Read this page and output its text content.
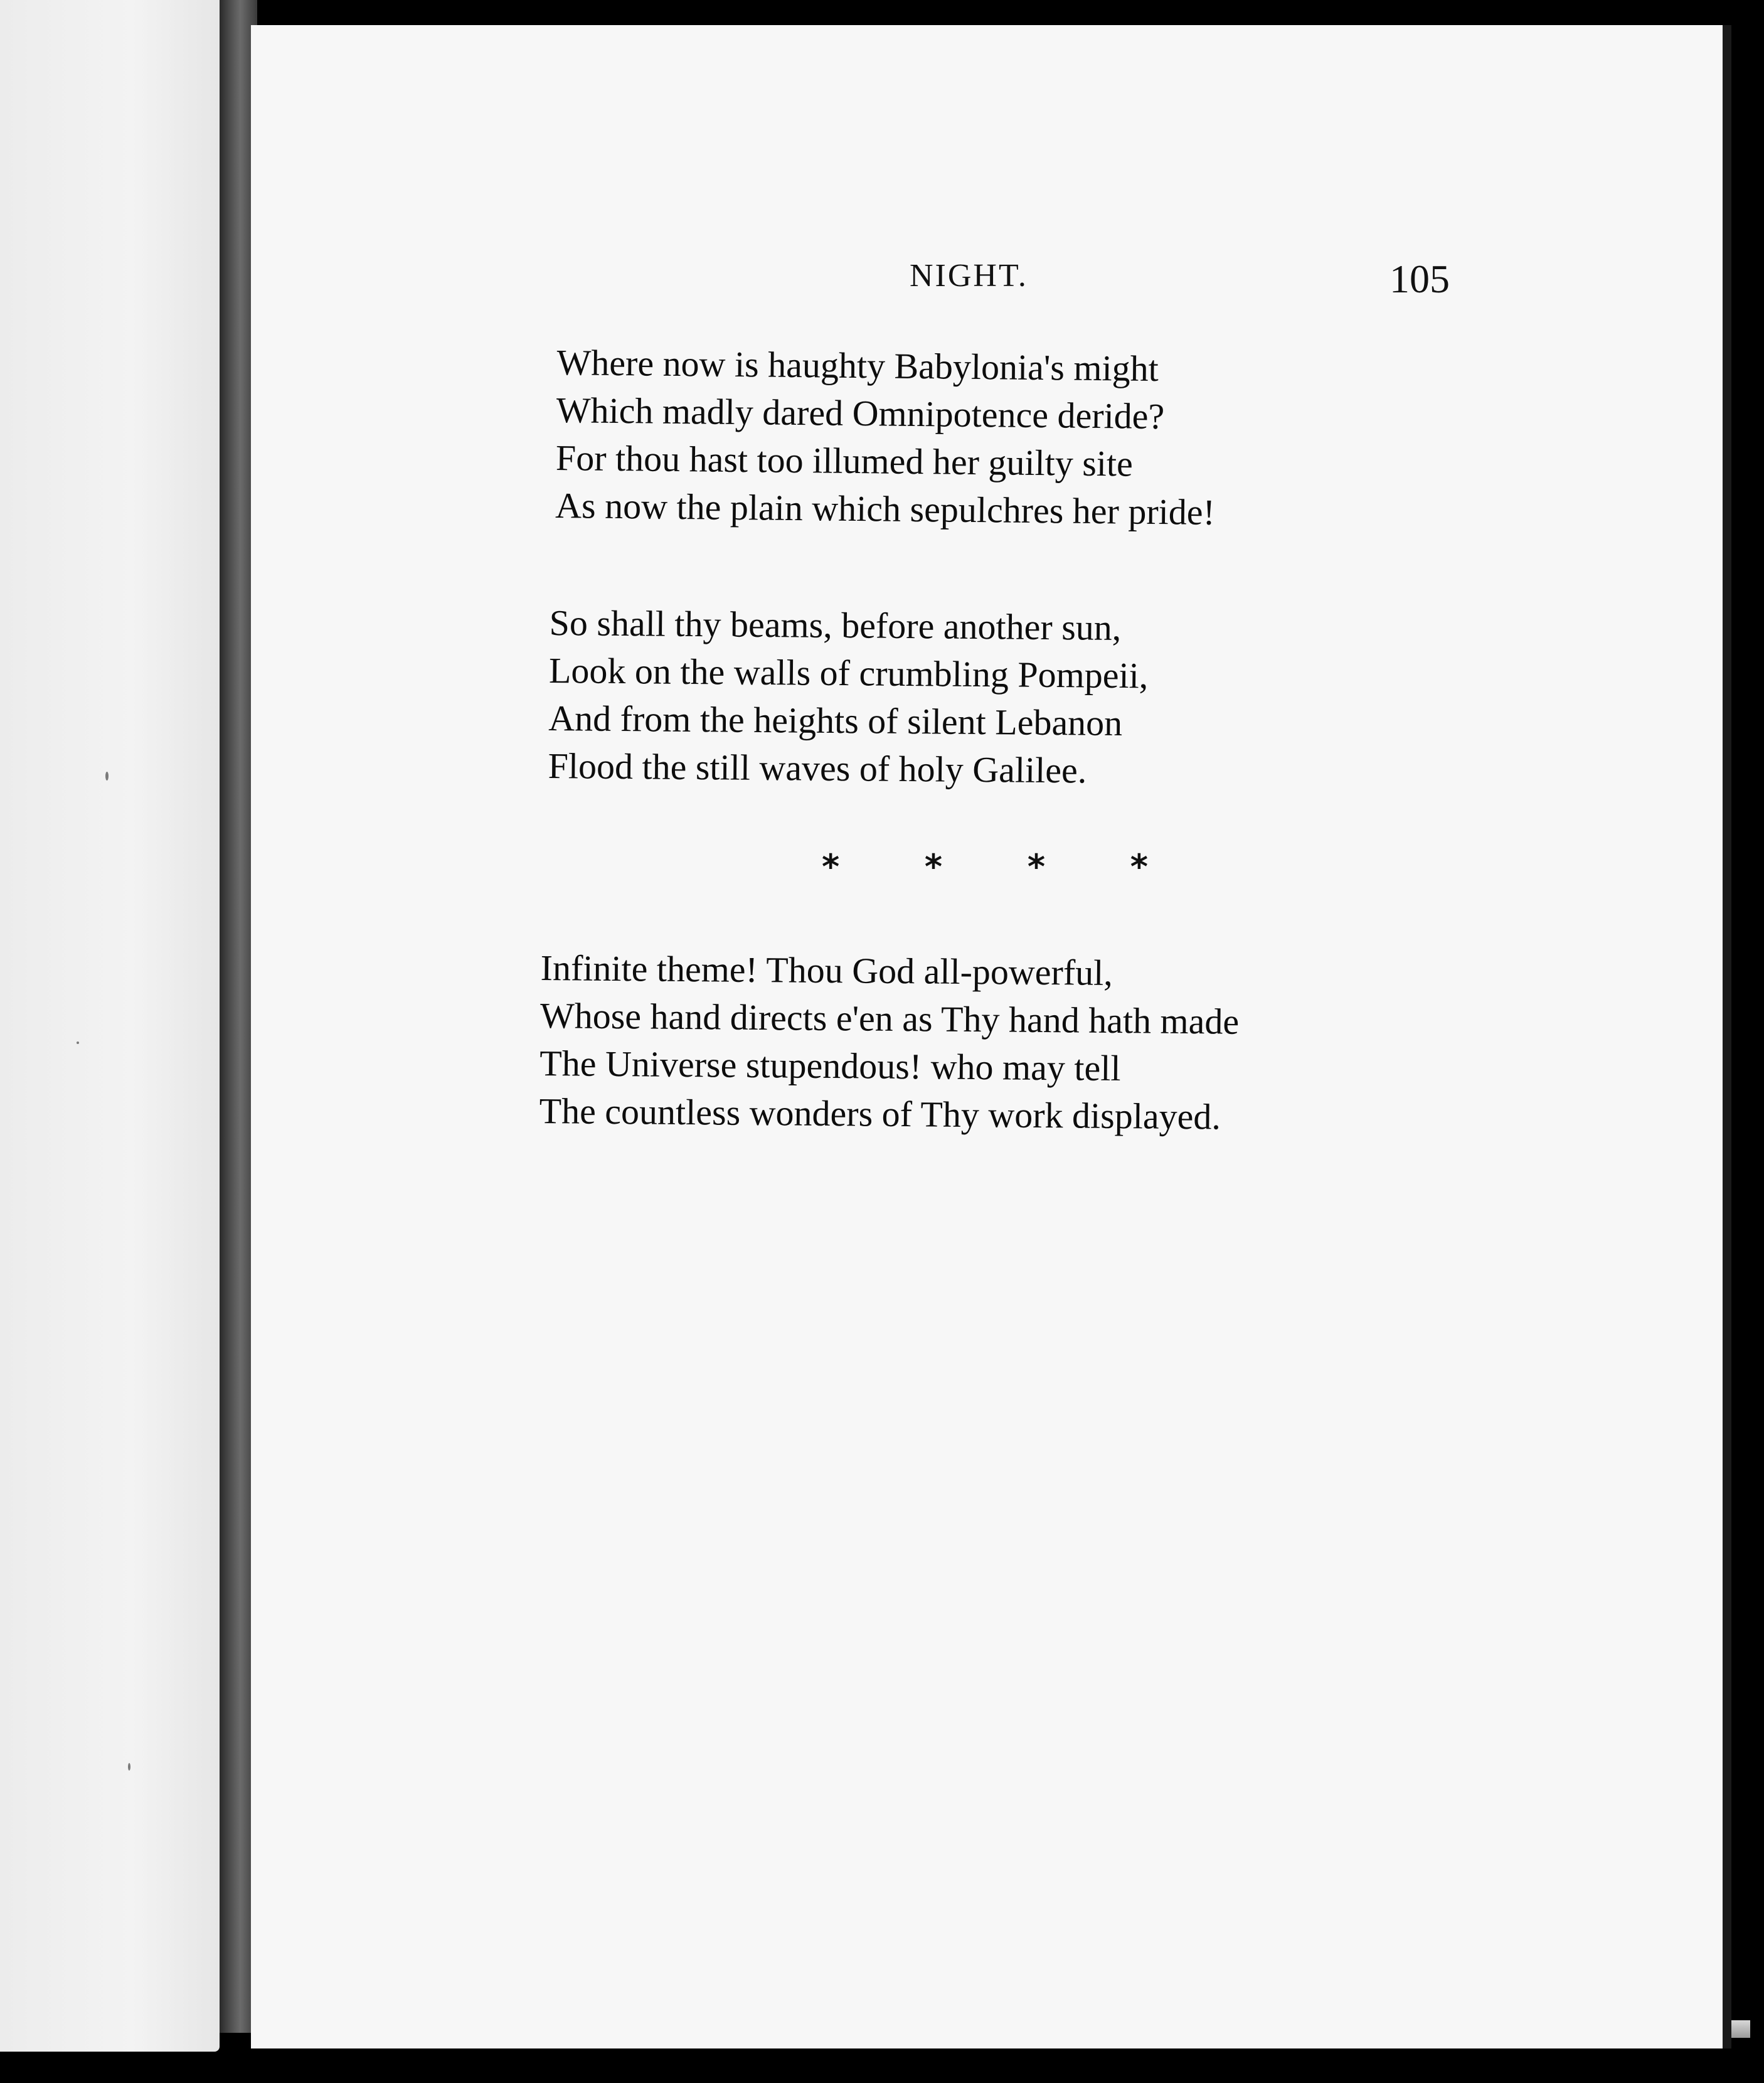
NIGHT.	105

Where now is haughty Babylonia's might
Which madly dared Omnipotence deride?
For thou hast too illumed her guilty site
As now the plain which sepulchres her pride!

So shall thy beams, before another sun,
Look on the walls of crumbling Pompeii,
And from the heights of silent Lebanon
Flood the still waves of holy Galilee.

*	*	*	*

Infinite theme! Thou God all-powerful,
Whose hand directs e'en as Thy hand hath made
The Universe stupendous! who may tell
The countless wonders of Thy work displayed.
